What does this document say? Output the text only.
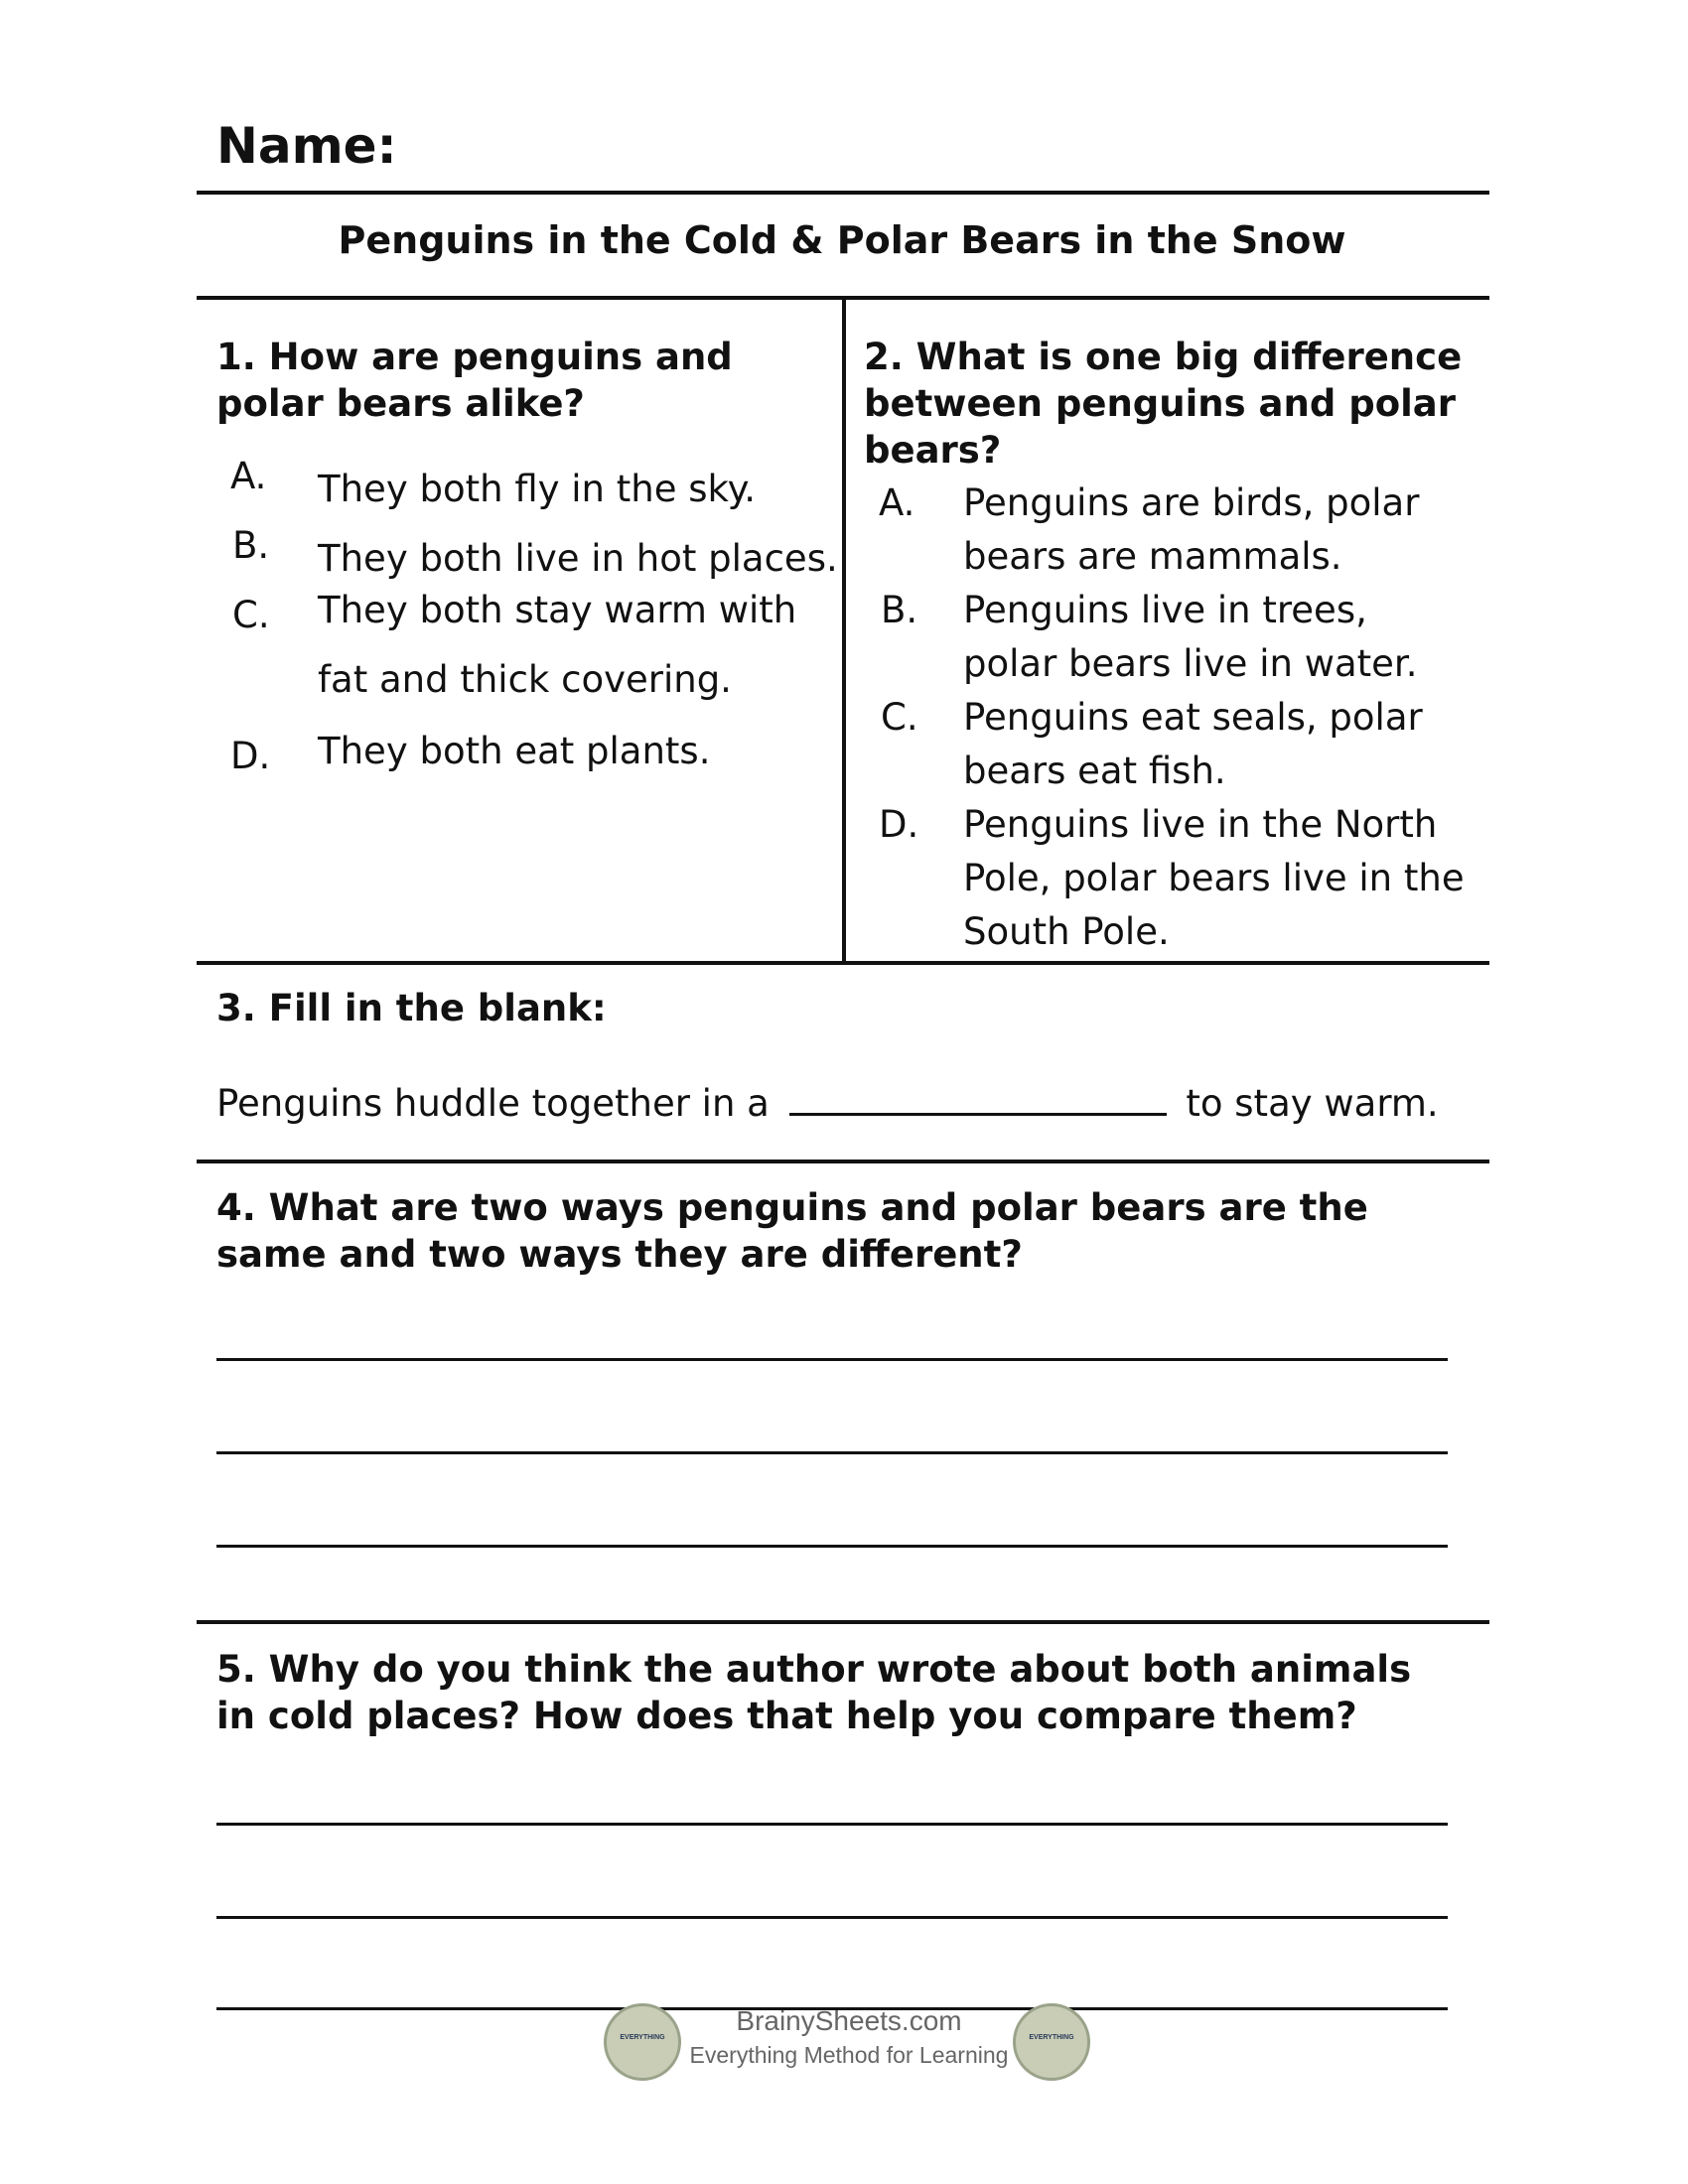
Name:
Penguins in the Cold & Polar Bears in the Snow
1. How are penguins and polar bears alike?
A. They both fly in the sky.
B. They both live in hot places.
C. They both stay warm with fat and thick covering.
D. They both eat plants.
2. What is one big difference between penguins and polar bears?
A. Penguins are birds, polar bears are mammals.
B. Penguins live in trees, polar bears live in water.
C. Penguins eat seals, polar bears eat fish.
D. Penguins live in the North Pole, polar bears live in the South Pole.
3. Fill in the blank:
Penguins huddle together in a	to stay warm.
4. What are two ways penguins and polar bears are the same and two ways they are different?
5. Why do you think the author wrote about both animals in cold places? How does that help you compare them?
EVERYTHING
BrainySheets.com
Everything Method for Learning
EVERYTHING
